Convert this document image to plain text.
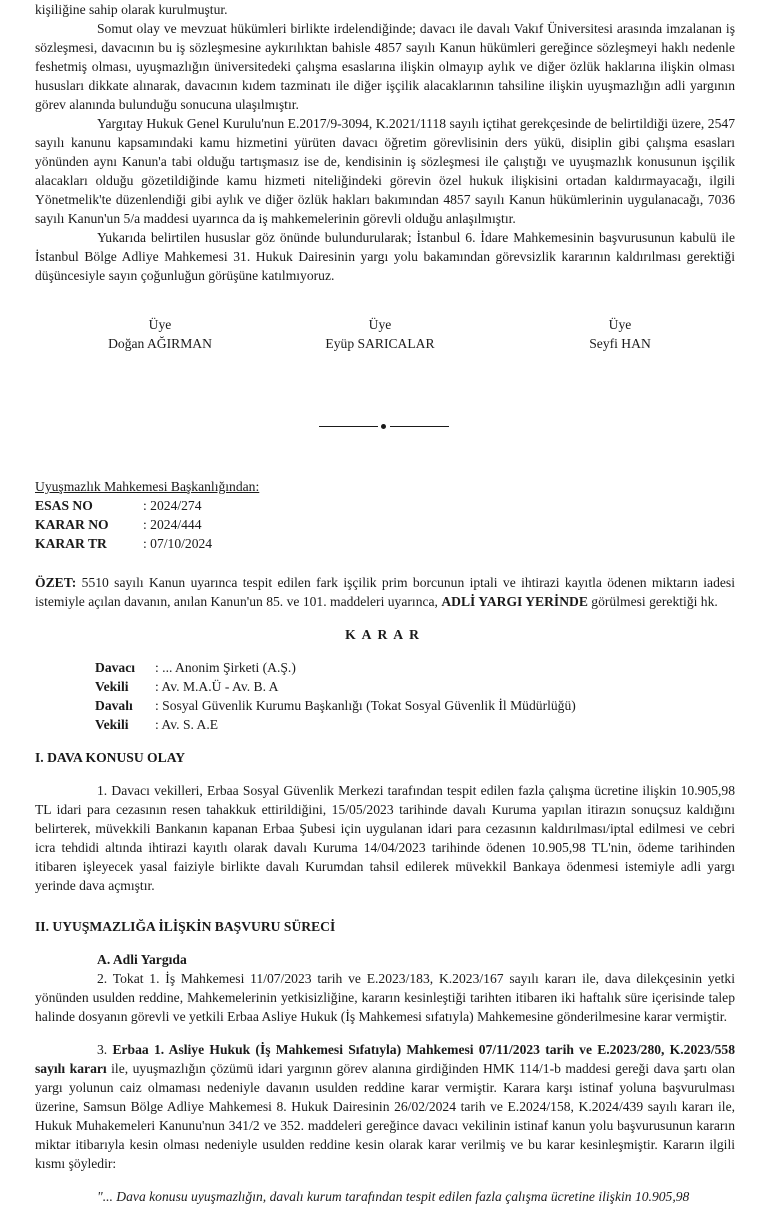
kişiliğine sahip olarak kurulmuştur.

Somut olay ve mevzuat hükümleri birlikte irdelendiğinde; davacı ile davalı Vakıf Üniversitesi arasında imzalanan iş sözleşmesi, davacının bu iş sözleşmesine aykırılıktan bahisle 4857 sayılı Kanun hükümleri gereğince sözleşmeyi haklı nedenle feshetmiş olması, uyuşmazlığın üniversitedeki çalışma esaslarına ilişkin olmayıp aylık ve diğer özlük haklarına ilişkin olması hususları dikkate alınarak, davacının kıdem tazminatı ile diğer işçilik alacaklarının tahsiline ilişkin uyuşmazlığın adli yargının görev alanında bulunduğu sonucuna ulaşılmıştır.

Yargıtay Hukuk Genel Kurulu'nun E.2017/9-3094, K.2021/1118 sayılı içtihat gerekçesinde de belirtildiği üzere, 2547 sayılı kanunu kapsamındaki kamu hizmetini yürüten davacı öğretim görevlisinin ders yükü, disiplin gibi çalışma esasları yönünden aynı Kanun'a tabi olduğu tartışmasız ise de, kendisinin iş sözleşmesi ile çalıştığı ve uyuşmazlık konusunun işçilik alacakları olduğu gözetildiğinde kamu hizmeti niteliğindeki görevin özel hukuk ilişkisini ortadan kaldırmayacağı, ilgili Yönetmelik'te düzenlendiği gibi aylık ve diğer özlük hakları bakımından 4857 sayılı Kanun hükümlerinin uygulanacağı, 7036 sayılı Kanun'un 5/a maddesi uyarınca da iş mahkemelerinin görevli olduğu anlaşılmıştır.

Yukarıda belirtilen hususlar göz önünde bulundurularak; İstanbul 6. İdare Mahkemesinin başvurusunun kabulü ile İstanbul Bölge Adliye Mahkemesi 31. Hukuk Dairesinin yargı yolu bakamından görevsizlik kararının kaldırılması gerektiği düşüncesiyle sayın çoğunluğun görüşüne katılmıyoruz.

Üye
Doğan AĞIRMAN
Üye
Eyüp SARICALAR
Üye
Seyfi HAN
Uyuşmazlık Mahkemesi Başkanlığından:
ESAS NO	: 2024/274
KARAR NO	: 2024/444
KARAR TR	: 07/10/2024

ÖZET: 5510 sayılı Kanun uyarınca tespit edilen fark işçilik prim borcunun iptali ve ihtirazi kayıtla ödenen miktarın iadesi istemiyle açılan davanın, anılan Kanun'un 85. ve 101. maddeleri uyarınca, ADLİ YARGI YERİNDE görülmesi gerektiği hk.

KARAR
Davacı	: ... Anonim Şirketi (A.Ş.)
Vekili	: Av. M.A.Ü - Av. B. A
Davalı	: Sosyal Güvenlik Kurumu Başkanlığı (Tokat Sosyal Güvenlik İl Müdürlüğü)
Vekili	: Av. S. A.E
I. DAVA KONUSU OLAY

1. Davacı vekilleri, Erbaa Sosyal Güvenlik Merkezi tarafından tespit edilen fazla çalışma ücretine ilişkin 10.905,98 TL idari para cezasının resen tahakkuk ettirildiğini, 15/05/2023 tarihinde davalı Kuruma yapılan itirazın sonuçsuz kaldığını belirterek, müvekkili Bankanın kapanan Erbaa Şubesi için uygulanan idari para cezasının kaldırılması/iptal edilmesi ve cebri icra tehdidi altında ihtirazi kayıtlı olarak davalı Kuruma 14/04/2023 tarihinde ödenen 10.905,98 TL'nin, ödeme tarihinden itibaren işleyecek yasal faiziyle birlikte davalı Kurumdan tahsil edilerek müvekkil Bankaya ödenmesi istemiyle adli yargı yerinde dava açmıştır.

II. UYUŞMAZLIĞA İLİŞKİN BAŞVURU SÜRECİ
A. Adli Yargıda

2. Tokat 1. İş Mahkemesi 11/07/2023 tarih ve E.2023/183, K.2023/167 sayılı kararı ile, dava dilekçesinin yetki yönünden usulden reddine, Mahkemelerinin yetkisizliğine, kararın kesinleştiği tarihten itibaren iki haftalık süre içerisinde talep halinde dosyanın görevli ve yetkili Erbaa Asliye Hukuk (İş Mahkemesi sıfatıyla) Mahkemesine gönderilmesine karar vermiştir.

3. Erbaa 1. Asliye Hukuk (İş Mahkemesi Sıfatıyla) Mahkemesi 07/11/2023 tarih ve E.2023/280, K.2023/558 sayılı kararı ile, uyuşmazlığın çözümü idari yargının görev alanına girdiğinden HMK 114/1-b maddesi gereği dava şartı olan yargı yolunun caiz olmaması nedeniyle davanın usulden reddine karar vermiştir. Karara karşı istinaf yoluna başvurulması üzerine, Samsun Bölge Adliye Mahkemesi 8. Hukuk Dairesinin 26/02/2024 tarih ve E.2024/158, K.2024/439 sayılı kararı ile, Hukuk Muhakemeleri Kanunu'nun 341/2 ve 352. maddeleri gereğince davacı vekilinin istinaf kanun yolu başvurusunun kararın miktar itibarıyla kesin olması nedeniyle usulden reddine kesin olarak karar verilmiş ve bu karar kesinleşmiştir. Kararın ilgili kısmı şöyledir:

"... Dava konusu uyuşmazlığın, davalı kurum tarafından tespit edilen fazla çalışma ücretine ilişkin 10.905,98
